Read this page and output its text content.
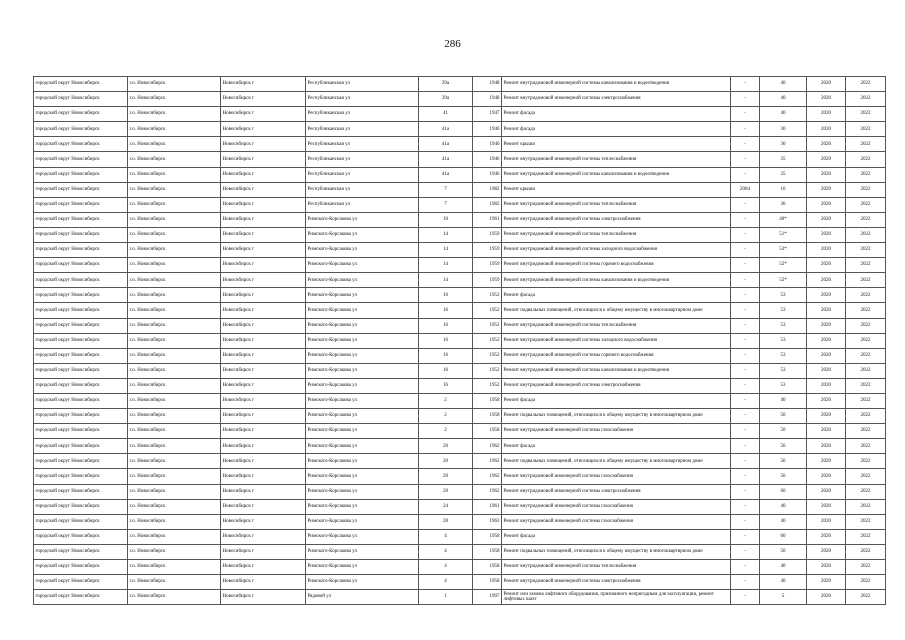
286
городской округ Новосибирск	г.о. Новосибирск	Новосибирск г	Республиканская ул	39а	1948	Ремонт внутридомовой инженерной системы канализования и водоотведения	-	40	2020	2022
городской округ Новосибирск	г.о. Новосибирск	Новосибирск г	Республиканская ул	39а	1948	Ремонт внутридомовой инженерной системы электроснабжения	-	40	2020	2022
городской округ Новосибирск	г.о. Новосибирск	Новосибирск г	Республиканская ул	41	1947	Ремонт фасада	-	40	2020	2022
городской округ Новосибирск	г.о. Новосибирск	Новосибирск г	Республиканская ул	41а	1946	Ремонт фасада	-	30	2020	2022
городской округ Новосибирск	г.о. Новосибирск	Новосибирск г	Республиканская ул	41а	1946	Ремонт крыши	-	30	2020	2022
городской округ Новосибирск	г.о. Новосибирск	Новосибирск г	Республиканская ул	41а	1946	Ремонт внутридомовой инженерной системы теплоснабжения	-	35	2020	2022
городской округ Новосибирск	г.о. Новосибирск	Новосибирск г	Республиканская ул	41а	1946	Ремонт внутридомовой инженерной системы канализования и водоотведения	-	35	2020	2022
городской округ Новосибирск	г.о. Новосибирск	Новосибирск г	Республиканская ул	7	1982	Ремонт крыши	2004	16	2020	2022
городской округ Новосибирск	г.о. Новосибирск	Новосибирск г	Республиканская ул	7	1982	Ремонт внутридомовой инженерной системы теплоснабжения	-	36	2020	2022
городской округ Новосибирск	г.о. Новосибирск	Новосибирск г	Римского-Корсакова ул	10	1961	Ремонт внутридомовой инженерной системы электроснабжения	-	40*	2020	2022
городской округ Новосибирск	г.о. Новосибирск	Новосибирск г	Римского-Корсакова ул	14	1959	Ремонт внутридомовой инженерной системы теплоснабжения	-	51*	2020	2022
городской округ Новосибирск	г.о. Новосибирск	Новосибирск г	Римского-Корсакова ул	14	1959	Ремонт внутридомовой инженерной системы холодного водоснабжения	-	53*	2020	2022
городской округ Новосибирск	г.о. Новосибирск	Новосибирск г	Римского-Корсакова ул	14	1959	Ремонт внутридомовой инженерной системы горячего водоснабжения	-	52*	2020	2022
городской округ Новосибирск	г.о. Новосибирск	Новосибирск г	Римского-Корсакова ул	14	1959	Ремонт внутридомовой инженерной системы канализования и водоотведения	-	52*	2020	2022
городской округ Новосибирск	г.о. Новосибирск	Новосибирск г	Римского-Корсакова ул	16	1952	Ремонт фасада	-	53	2020	2022
городской округ Новосибирск	г.о. Новосибирск	Новосибирск г	Римского-Корсакова ул	16	1952	Ремонт подвальных помещений, относящихся к общему имуществу в многоквартирном доме	-	53	2020	2022
городской округ Новосибирск	г.о. Новосибирск	Новосибирск г	Римского-Корсакова ул	16	1952	Ремонт внутридомовой инженерной системы теплоснабжения	-	53	2020	2022
городской округ Новосибирск	г.о. Новосибирск	Новосибирск г	Римского-Корсакова ул	16	1952	Ремонт внутридомовой инженерной системы холодного водоснабжения	-	53	2020	2022
городской округ Новосибирск	г.о. Новосибирск	Новосибирск г	Римского-Корсакова ул	16	1952	Ремонт внутридомовой инженерной системы горячего водоснабжения	-	53	2020	2022
городской округ Новосибирск	г.о. Новосибирск	Новосибирск г	Римского-Корсакова ул	16	1952	Ремонт внутридомовой инженерной системы канализования и водоотведения	-	53	2020	2022
городской округ Новосибирск	г.о. Новосибирск	Новосибирск г	Римского-Корсакова ул	16	1952	Ремонт внутридомовой инженерной системы электроснабжения	-	53	2020	2022
городской округ Новосибирск	г.о. Новосибирск	Новосибирск г	Римского-Корсакова ул	2	1958	Ремонт фасада	-	40	2020	2022
городской округ Новосибирск	г.о. Новосибирск	Новосибирск г	Римского-Корсакова ул	2	1958	Ремонт подвальных помещений, относящихся к общему имуществу в многоквартирном доме	-	50	2020	2022
городской округ Новосибирск	г.о. Новосибирск	Новосибирск г	Римского-Корсакова ул	2	1958	Ремонт внутридомовой инженерной системы газоснабжения	-	50	2020	2022
городской округ Новосибирск	г.о. Новосибирск	Новосибирск г	Римского-Корсакова ул	20	1962	Ремонт фасада	-	56	2020	2022
городской округ Новосибирск	г.о. Новосибирск	Новосибирск г	Римского-Корсакова ул	20	1962	Ремонт подвальных помещений, относящихся к общему имуществу в многоквартирном доме	-	56	2020	2022
городской округ Новосибирск	г.о. Новосибирск	Новосибирск г	Римского-Корсакова ул	20	1962	Ремонт внутридомовой инженерной системы газоснабжения	-	56	2020	2022
городской округ Новосибирск	г.о. Новосибирск	Новосибирск г	Римского-Корсакова ул	20	1962	Ремонт внутридомовой инженерной системы электроснабжения	-	60	2020	2022
городской округ Новосибирск	г.о. Новосибирск	Новосибирск г	Римского-Корсакова ул	24	1961	Ремонт внутридомовой инженерной системы газоснабжения	-	40	2020	2022
городской округ Новосибирск	г.о. Новосибирск	Новосибирск г	Римского-Корсакова ул	28	1963	Ремонт внутридомовой инженерной системы газоснабжения	-	40	2020	2022
городской округ Новосибирск	г.о. Новосибирск	Новосибирск г	Римского-Корсакова ул	4	1958	Ремонт фасада	-	60	2020	2022
городской округ Новосибирск	г.о. Новосибирск	Новосибирск г	Римского-Корсакова ул	4	1958	Ремонт подвальных помещений, относящихся к общему имуществу в многоквартирном доме	-	50	2020	2022
городской округ Новосибирск	г.о. Новосибирск	Новосибирск г	Римского-Корсакова ул	4	1958	Ремонт внутридомовой инженерной системы теплоснабжения	-	40	2020	2022
городской округ Новосибирск	г.о. Новосибирск	Новосибирск г	Римского-Корсакова ул	4	1958	Ремонт внутридомовой инженерной системы электроснабжения	-	40	2020	2022
городской округ Новосибирск	г.о. Новосибирск	Новосибирск г	Рядовой ул	1	1997	Ремонт или замена лифтового оборудования, признанного непригодным для эксплуатации, ремонт лифтовых шахт	-	5	2020	2022
